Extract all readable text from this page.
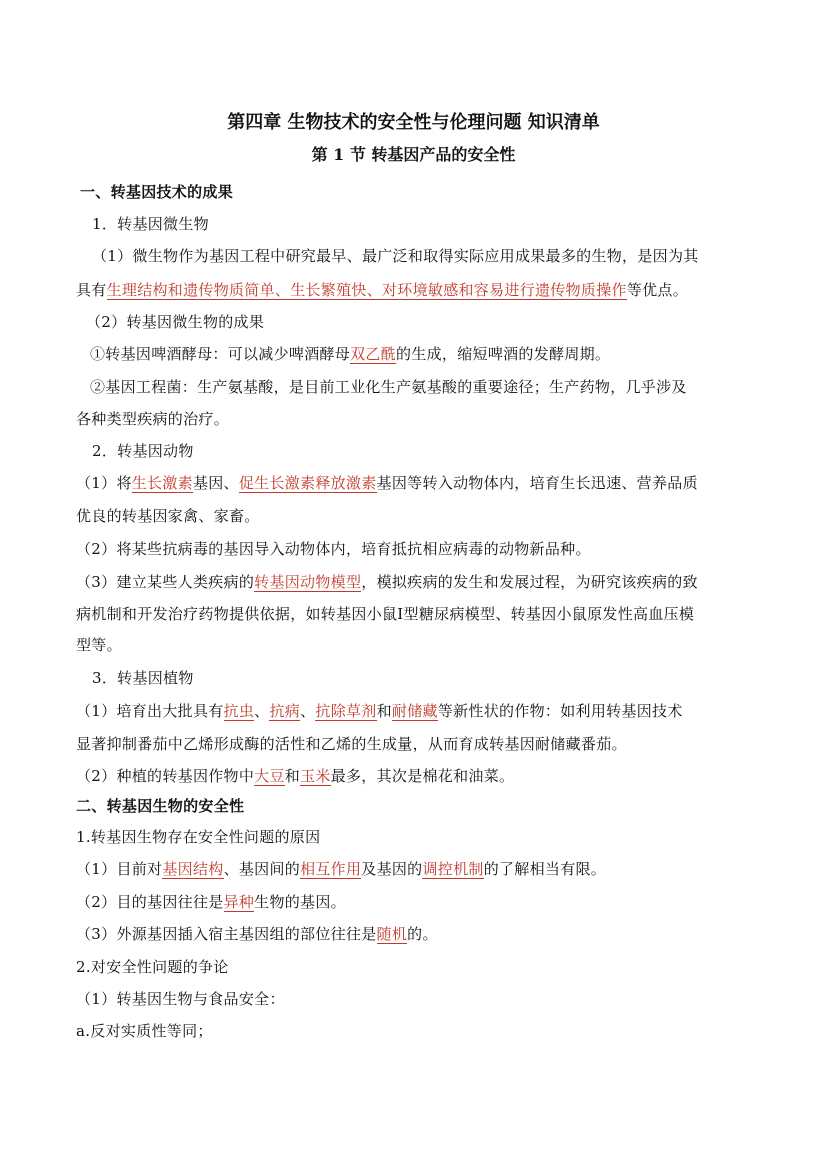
第四章 生物技术的安全性与伦理问题 知识清单
第 1 节 转基因产品的安全性
一、转基因技术的成果
1．转基因微生物
（1）微生物作为基因工程中研究最早、最广泛和取得实际应用成果最多的生物，是因为其
具有生理结构和遗传物质简单、生长繁殖快、对环境敏感和容易进行遗传物质操作等优点。
（2）转基因微生物的成果
①转基因啤酒酵母：可以减少啤酒酵母双乙酰的生成，缩短啤酒的发酵周期。
②基因工程菌：生产氨基酸，是目前工业化生产氨基酸的重要途径；生产药物，几乎涉及
各种类型疾病的治疗。
2．转基因动物
（1）将生长激素基因、促生长激素释放激素基因等转入动物体内，培育生长迅速、营养品质
优良的转基因家禽、家畜。
（2）将某些抗病毒的基因导入动物体内，培育抵抗相应病毒的动物新品种。
（3）建立某些人类疾病的转基因动物模型，模拟疾病的发生和发展过程，为研究该疾病的致
病机制和开发治疗药物提供依据，如转基因小鼠Ⅰ型糖尿病模型、转基因小鼠原发性高血压模
型等。
3．转基因植物
（1）培育出大批具有抗虫、抗病、抗除草剂和耐储藏等新性状的作物：如利用转基因技术
显著抑制番茄中乙烯形成酶的活性和乙烯的生成量，从而育成转基因耐储藏番茄。
（2）种植的转基因作物中大豆和玉米最多，其次是棉花和油菜。
二、转基因生物的安全性
1.转基因生物存在安全性问题的原因
（1）目前对基因结构、基因间的相互作用及基因的调控机制的了解相当有限。
（2）目的基因往往是异种生物的基因。
（3）外源基因插入宿主基因组的部位往往是随机的。
2.对安全性问题的争论
（1）转基因生物与食品安全：
a.反对实质性等同；
